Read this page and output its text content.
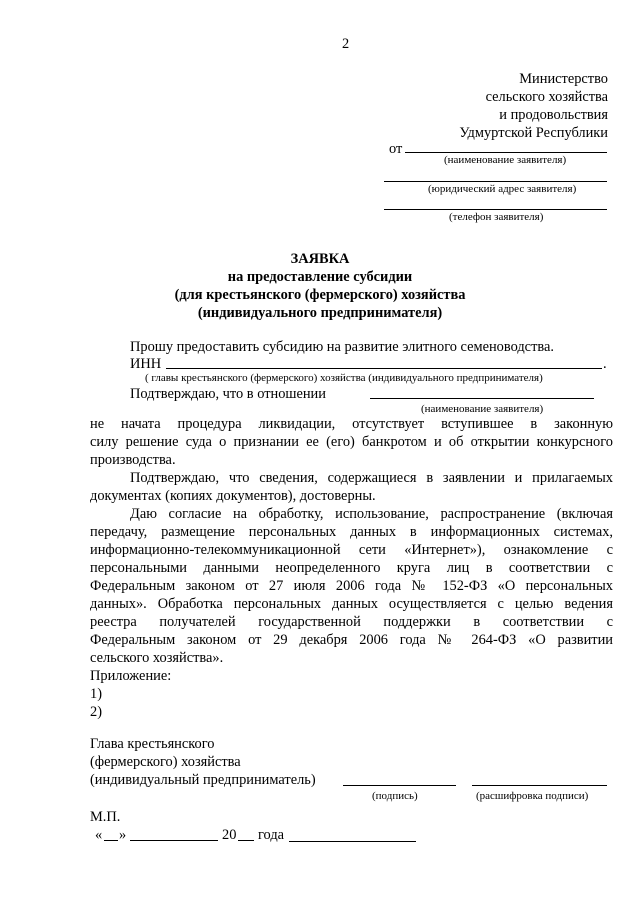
2
Министерство
сельского хозяйства
и продовольствия
Удмуртской Республики
от
(наименование заявителя)
(юридический адрес заявителя)
(телефон заявителя)
ЗАЯВКА
на предоставление субсидии
(для крестьянского (фермерского) хозяйства
(индивидуального предпринимателя)
Прошу предоставить субсидию на развитие элитного семеноводства.
ИНН	.
( главы крестьянского (фермерского) хозяйства (индивидуального предпринимателя)
Подтверждаю, что в отношении
(наименование заявителя)
не начата процедура ликвидации, отсутствует вступившее в законную
силу решение суда о признании ее (его) банкротом и об открытии конкурсного
производства.
Подтверждаю, что сведения, содержащиеся в заявлении и прилагаемых
документах (копиях документов), достоверны.
Даю согласие на обработку, использование, распространение (включая
передачу, размещение персональных данных в информационных системах,
информационно-телекоммуникационной сети «Интернет»), ознакомление с
персональными данными неопределенного круга лиц в соответствии с
Федеральным законом от 27 июля 2006 года № 152-ФЗ «О персональных
данных». Обработка персональных данных осуществляется с целью ведения
реестра получателей государственной поддержки в соответствии с
Федеральным законом от 29 декабря 2006 года № 264-ФЗ «О развитии
сельского хозяйства».
Приложение:
1)
2)
Глава крестьянского
(фермерского) хозяйства
(индивидуальный предприниматель)
(подпись)	(расшифровка подписи)
М.П.
« »	20 года
